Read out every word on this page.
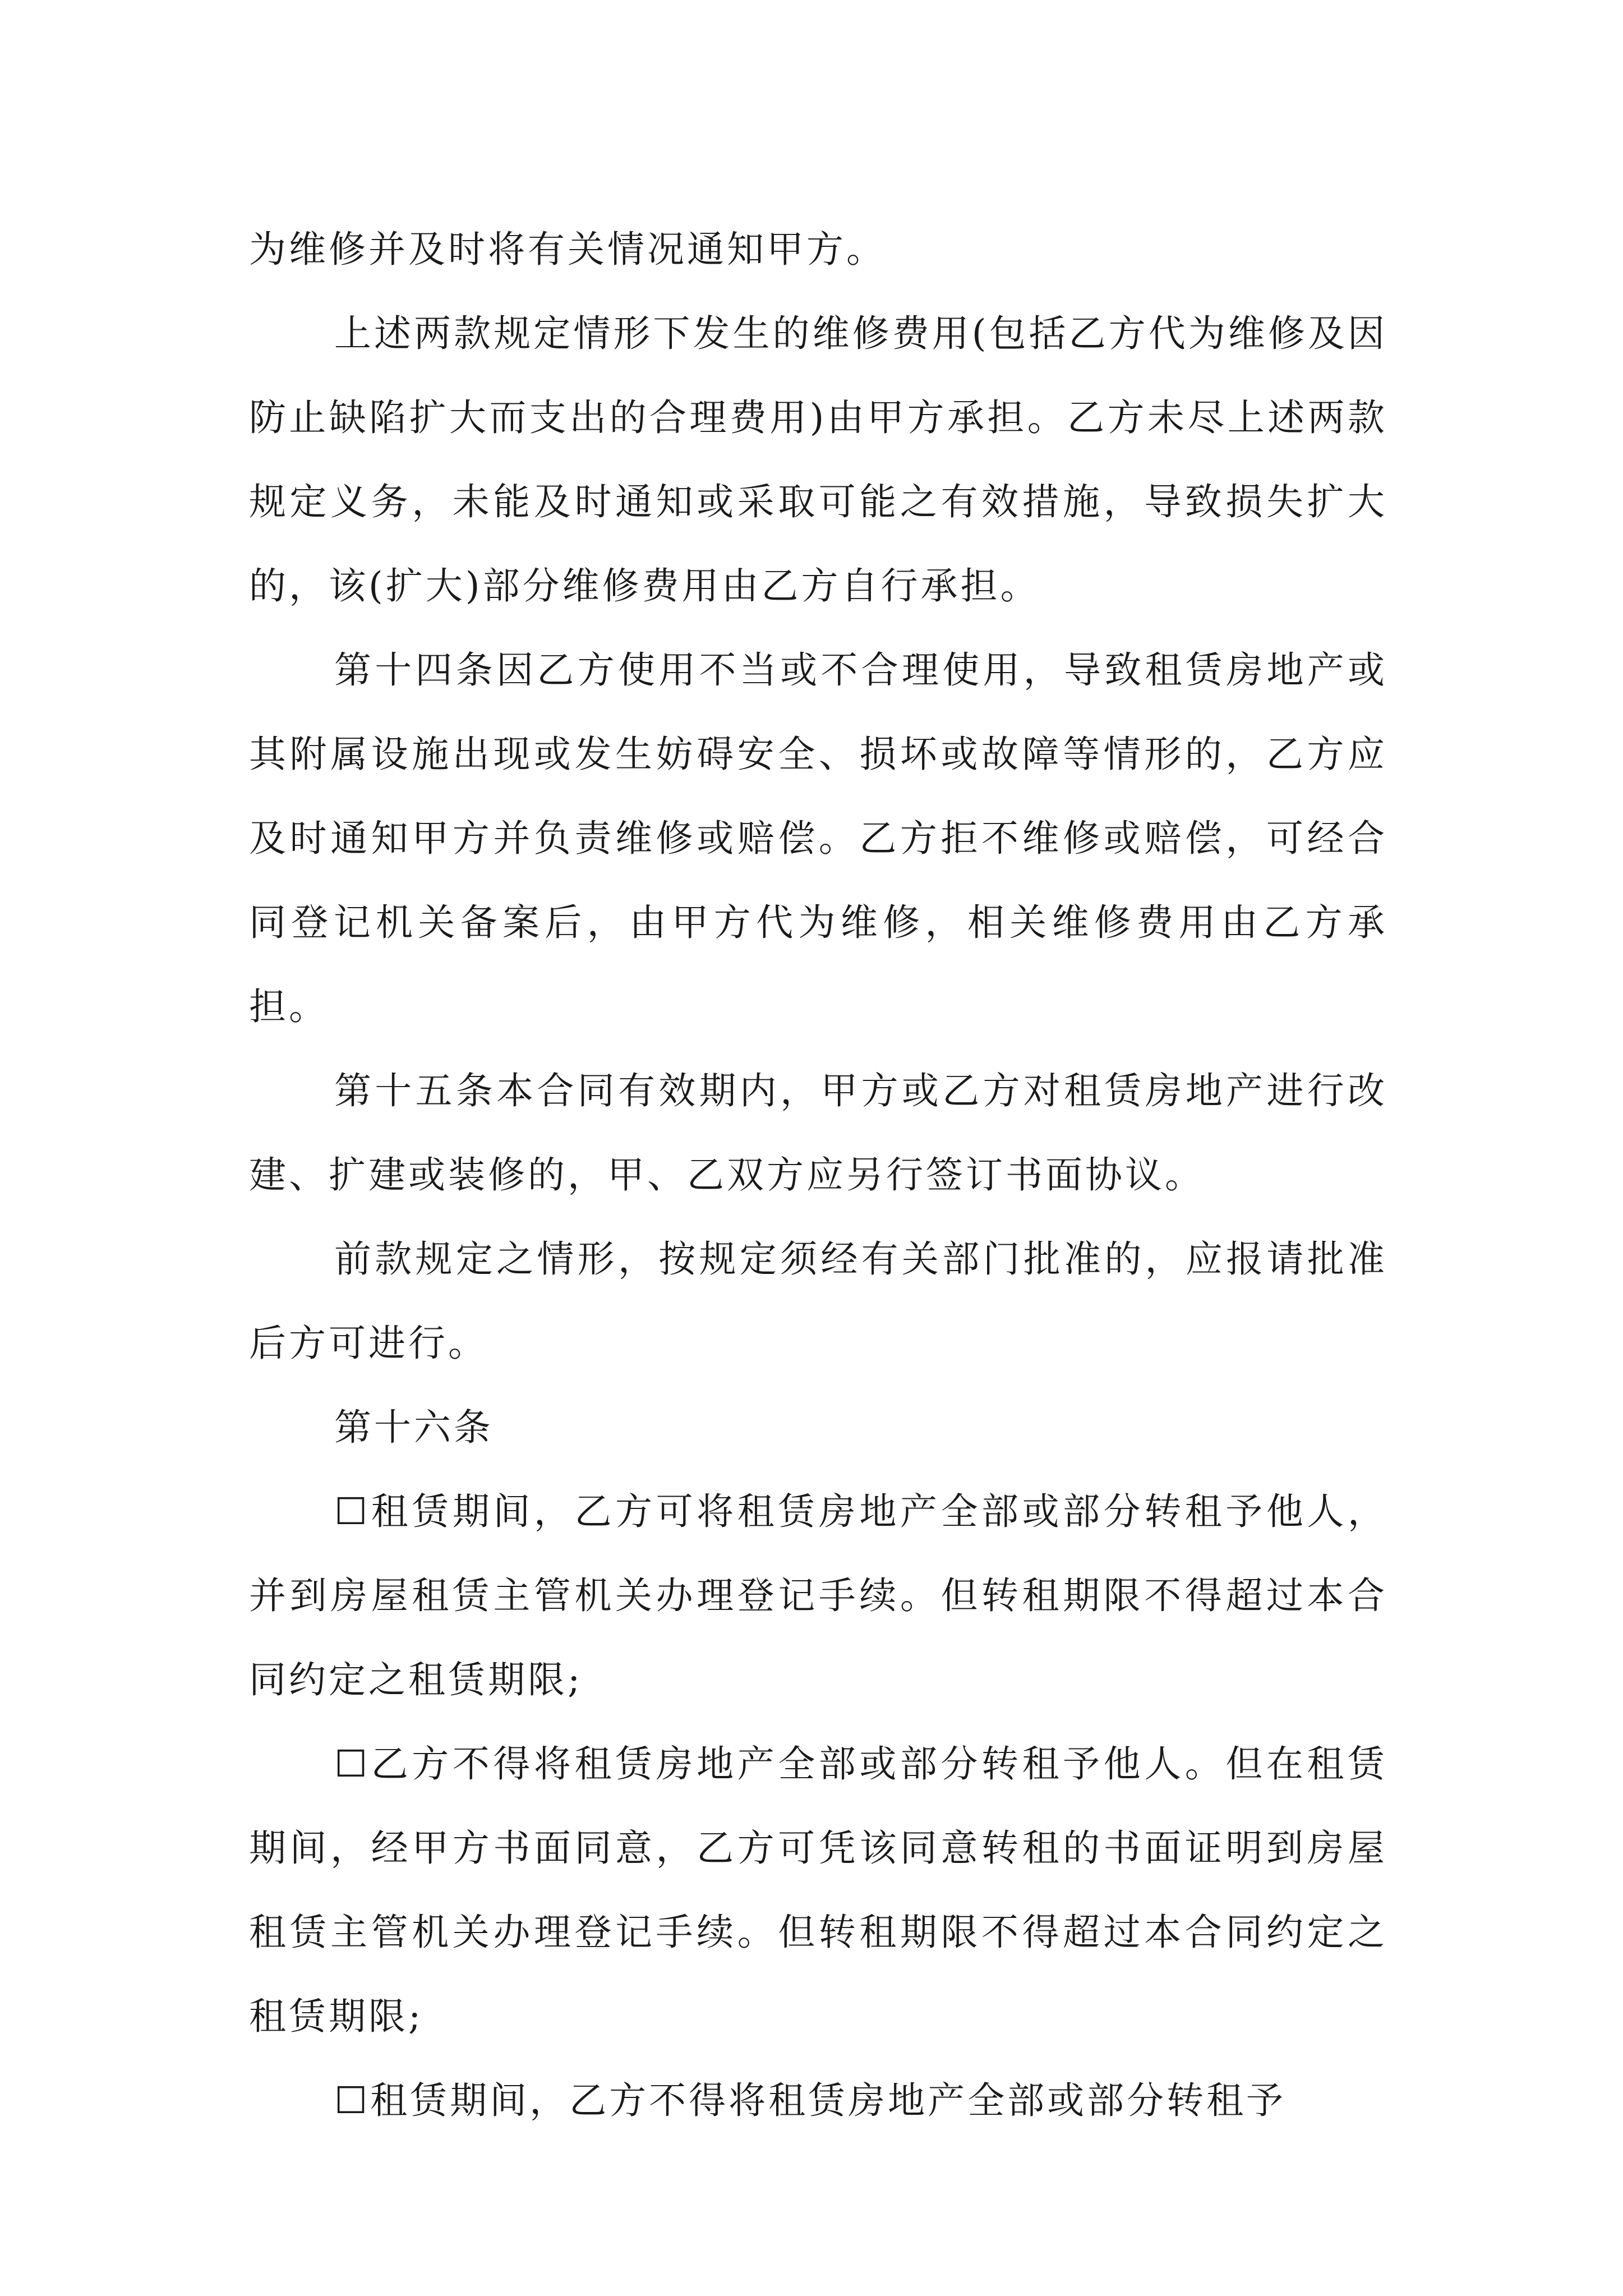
为维修并及时将有关情况通知甲方。

上述两款规定情形下发生的维修费用(包括乙方代为维修及因防止缺陷扩大而支出的合理费用)由甲方承担。乙方未尽上述两款规定义务，未能及时通知或采取可能之有效措施，导致损失扩大的，该(扩大)部分维修费用由乙方自行承担。

第十四条因乙方使用不当或不合理使用，导致租赁房地产或其附属设施出现或发生妨碍安全、损坏或故障等情形的，乙方应及时通知甲方并负责维修或赔偿。乙方拒不维修或赔偿，可经合同登记机关备案后，由甲方代为维修，相关维修费用由乙方承担。

第十五条本合同有效期内，甲方或乙方对租赁房地产进行改建、扩建或装修的，甲、乙双方应另行签订书面协议。

前款规定之情形，按规定须经有关部门批准的，应报请批准后方可进行。

第十六条

☐租赁期间，乙方可将租赁房地产全部或部分转租予他人，并到房屋租赁主管机关办理登记手续。但转租期限不得超过本合同约定之租赁期限;

☐乙方不得将租赁房地产全部或部分转租予他人。但在租赁期间，经甲方书面同意，乙方可凭该同意转租的书面证明到房屋租赁主管机关办理登记手续。但转租期限不得超过本合同约定之租赁期限;

☐租赁期间，乙方不得将租赁房地产全部或部分转租予
